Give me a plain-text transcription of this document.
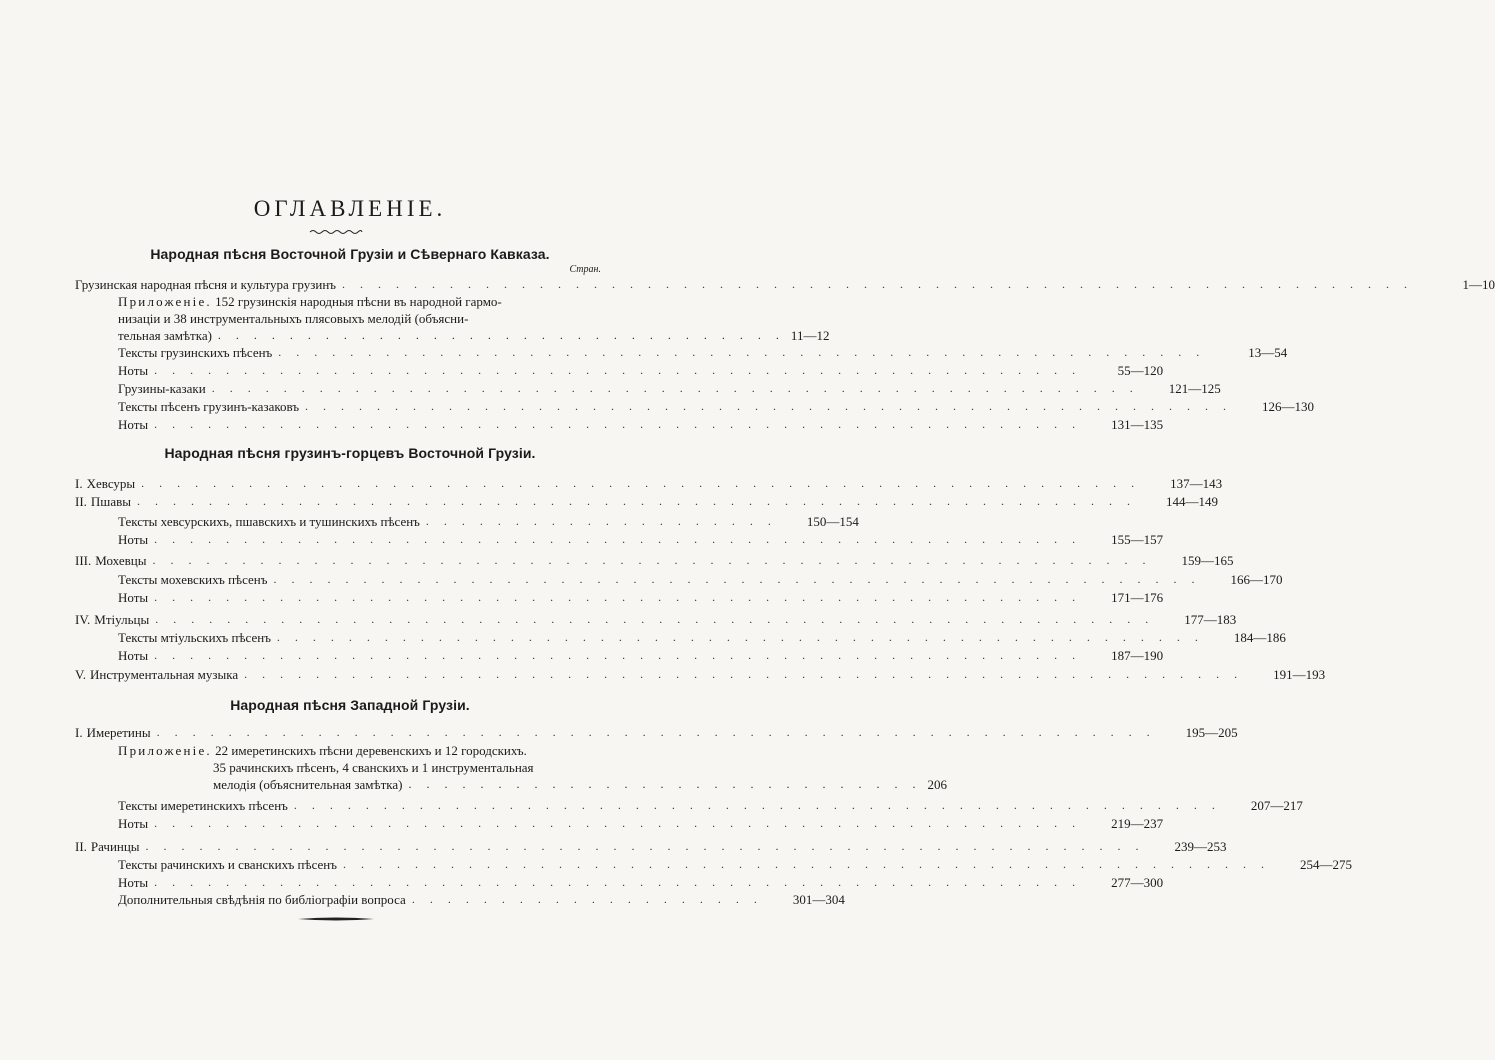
ОГЛАВЛЕНІЕ.
Народная пѣсня Восточной Грузіи и Сѣвернаго Кавказа.
Стран.
Грузинская народная пѣсня и культура грузинъ . . . . . . . . . . . . . . . . . . . . . . . . . . . . . . . . . . . . . . . . . . . . . . . . . . . . . . . . . . . .	1—10
Приложеніе. 152 грузинскія народныя пѣсни въ народной гармо-
низаціи и 38 инструментальныхъ плясовыхъ мелодій (объясни-
тельная замѣтка) . . . . . . . . . . . . . . . . . . . . . . . . . . . . . . . . 11—12
Тексты грузинскихъ пѣсенъ . . . . . . . . . . . . . . . . . . . . . . . . . . . . . . . . . . . . . . . . . . . . . . . . . . . .	13—54
Ноты . . . . . . . . . . . . . . . . . . . . . . . . . . . . . . . . . . . . . . . . . . . . . . . . . . . .	55—120
Грузины-казаки . . . . . . . . . . . . . . . . . . . . . . . . . . . . . . . . . . . . . . . . . . . . . . . . . . . .	121—125
Тексты пѣсенъ грузинъ-казаковъ . . . . . . . . . . . . . . . . . . . . . . . . . . . . . . . . . . . . . . . . . . . . . . . . . . . .	126—130
Ноты . . . . . . . . . . . . . . . . . . . . . . . . . . . . . . . . . . . . . . . . . . . . . . . . . . . .	131—135
Народная пѣсня грузинъ-горцевъ Восточной Грузіи.
I. Хевсуры . . . . . . . . . . . . . . . . . . . . . . . . . . . . . . . . . . . . . . . . . . . . . . . . . . . . . . . .	137—143
II. Пшавы . . . . . . . . . . . . . . . . . . . . . . . . . . . . . . . . . . . . . . . . . . . . . . . . . . . . . . . .	144—149
Тексты хевсурскихъ, пшавскихъ и тушинскихъ пѣсенъ . . . . . . . . . . . . . . . . . . . .	150—154
Ноты . . . . . . . . . . . . . . . . . . . . . . . . . . . . . . . . . . . . . . . . . . . . . . . . . . . .	155—157
III. Мохевцы . . . . . . . . . . . . . . . . . . . . . . . . . . . . . . . . . . . . . . . . . . . . . . . . . . . . . . . .	159—165
Тексты мохевскихъ пѣсенъ . . . . . . . . . . . . . . . . . . . . . . . . . . . . . . . . . . . . . . . . . . . . . . . . . . . .	166—170
Ноты . . . . . . . . . . . . . . . . . . . . . . . . . . . . . . . . . . . . . . . . . . . . . . . . . . . .	171—176
IV. Мтіульцы . . . . . . . . . . . . . . . . . . . . . . . . . . . . . . . . . . . . . . . . . . . . . . . . . . . . . . . .	177—183
Тексты мтіульскихъ пѣсенъ . . . . . . . . . . . . . . . . . . . . . . . . . . . . . . . . . . . . . . . . . . . . . . . . . . . .	184—186
Ноты . . . . . . . . . . . . . . . . . . . . . . . . . . . . . . . . . . . . . . . . . . . . . . . . . . . .	187—190
V. Инструментальная музыка . . . . . . . . . . . . . . . . . . . . . . . . . . . . . . . . . . . . . . . . . . . . . . . . . . . . . . . .	191—193
Народная пѣсня Западной Грузіи.
I. Имеретины . . . . . . . . . . . . . . . . . . . . . . . . . . . . . . . . . . . . . . . . . . . . . . . . . . . . . . . .	195—205
Приложеніе. 22 имеретинскихъ пѣсни деревенскихъ и 12 городскихъ.
35 рачинскихъ пѣсенъ, 4 сванскихъ и 1 инструментальная
мелодія (объяснительная замѣтка) . . . . . . . . . . . . . . . . . . . . . . . . . . . . . 206
Тексты имеретинскихъ пѣсенъ . . . . . . . . . . . . . . . . . . . . . . . . . . . . . . . . . . . . . . . . . . . . . . . . . . . .	207—217
Ноты . . . . . . . . . . . . . . . . . . . . . . . . . . . . . . . . . . . . . . . . . . . . . . . . . . . .	219—237
II. Рачинцы . . . . . . . . . . . . . . . . . . . . . . . . . . . . . . . . . . . . . . . . . . . . . . . . . . . . . . . .	239—253
Тексты рачинскихъ и сванскихъ пѣсенъ . . . . . . . . . . . . . . . . . . . . . . . . . . . . . . . . . . . . . . . . . . . . . . . . . . . .	254—275
Ноты . . . . . . . . . . . . . . . . . . . . . . . . . . . . . . . . . . . . . . . . . . . . . . . . . . . .	277—300
Дополнительныя свѣдѣнія по библіографіи вопроса . . . . . . . . . . . . . . . . . . . .	301—304
